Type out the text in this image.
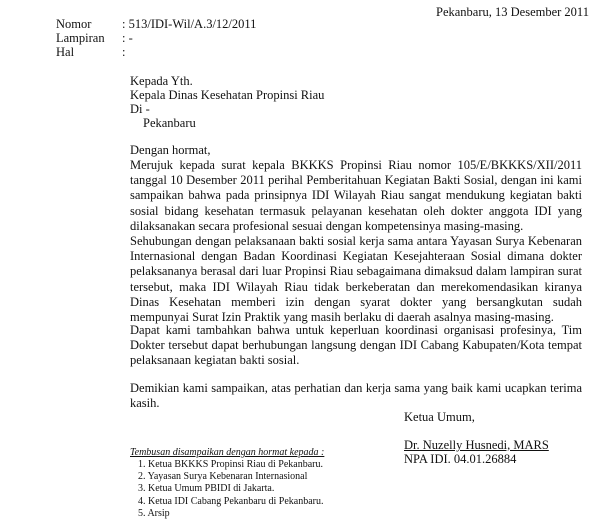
Pekanbaru, 13 Desember 2011
Nomor : 513/IDI-Wil/A.3/12/2011
Lampiran : -
Hal	:
Kepada Yth.
Kepala Dinas Kesehatan Propinsi Riau
Di -
Pekanbaru
Dengan hormat,
Merujuk kepada surat kepala BKKKS Propinsi Riau nomor 105/E/BKKKS/XII/2011 tanggal 10 Desember 2011 perihal Pemberitahuan Kegiatan Bakti Sosial, dengan ini kami sampaikan bahwa pada prinsipnya IDI Wilayah Riau sangat mendukung kegiatan bakti sosial bidang kesehatan termasuk pelayanan kesehatan oleh dokter anggota IDI yang dilaksanakan secara profesional sesuai dengan kompetensinya masing-masing.
Sehubungan dengan pelaksanaan bakti sosial kerja sama antara Yayasan Surya Kebenaran Internasional dengan Badan Koordinasi Kegiatan Kesejahteraan Sosial dimana dokter pelaksananya berasal dari luar Propinsi Riau sebagaimana dimaksud dalam lampiran surat tersebut, maka IDI Wilayah Riau tidak berkeberatan dan merekomendasikan kiranya Dinas Kesehatan memberi izin dengan syarat dokter yang bersangkutan sudah mempunyai Surat Izin Praktik yang masih berlaku di daerah asalnya masing-masing.
Dapat kami tambahkan bahwa untuk keperluan koordinasi organisasi profesinya, Tim Dokter tersebut dapat berhubungan langsung dengan IDI Cabang Kabupaten/Kota tempat pelaksanaan kegiatan bakti sosial.
Demikian kami sampaikan, atas perhatian dan kerja sama yang baik kami ucapkan terima kasih.
Ketua Umum,
Dr. Nuzelly Husnedi, MARS
NPA IDI. 04.01.26884
Tembusan disampaikan dengan hormat kepada :
1. Ketua BKKKS Propinsi Riau di Pekanbaru.
2. Yayasan Surya Kebenaran Internasional
3. Ketua Umum PBIDI di Jakarta.
4. Ketua IDI Cabang Pekanbaru di Pekanbaru.
5. Arsip
